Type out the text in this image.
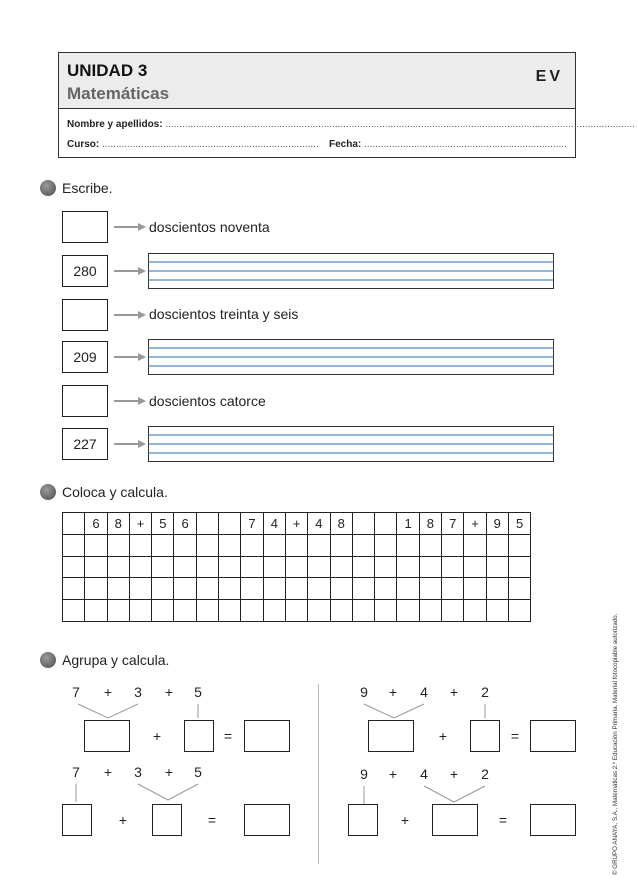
UNIDAD 3
Matemáticas
EV
Nombre y apellidos: .........................................................................................................................................................................
Curso: .............................................................................. Fecha: .........................................................................
Escribe.
doscientos noventa
280
doscientos treinta y seis
209
doscientos catorce
227
Coloca y calcula.
	6	8	+	5	6			7	4	+	4	8			1	8	7	+	9	5

Agrupa y calcula.
7	+	3	+	5
+	=
7	+	3	+	5
+	=
9	+	4	+	2
+	=
9	+	4	+	2
+	=	© GRUPO ANAYA, S.A., Matemáticas 2.º Educación Primaria. Material fotocopiable autorizado.
